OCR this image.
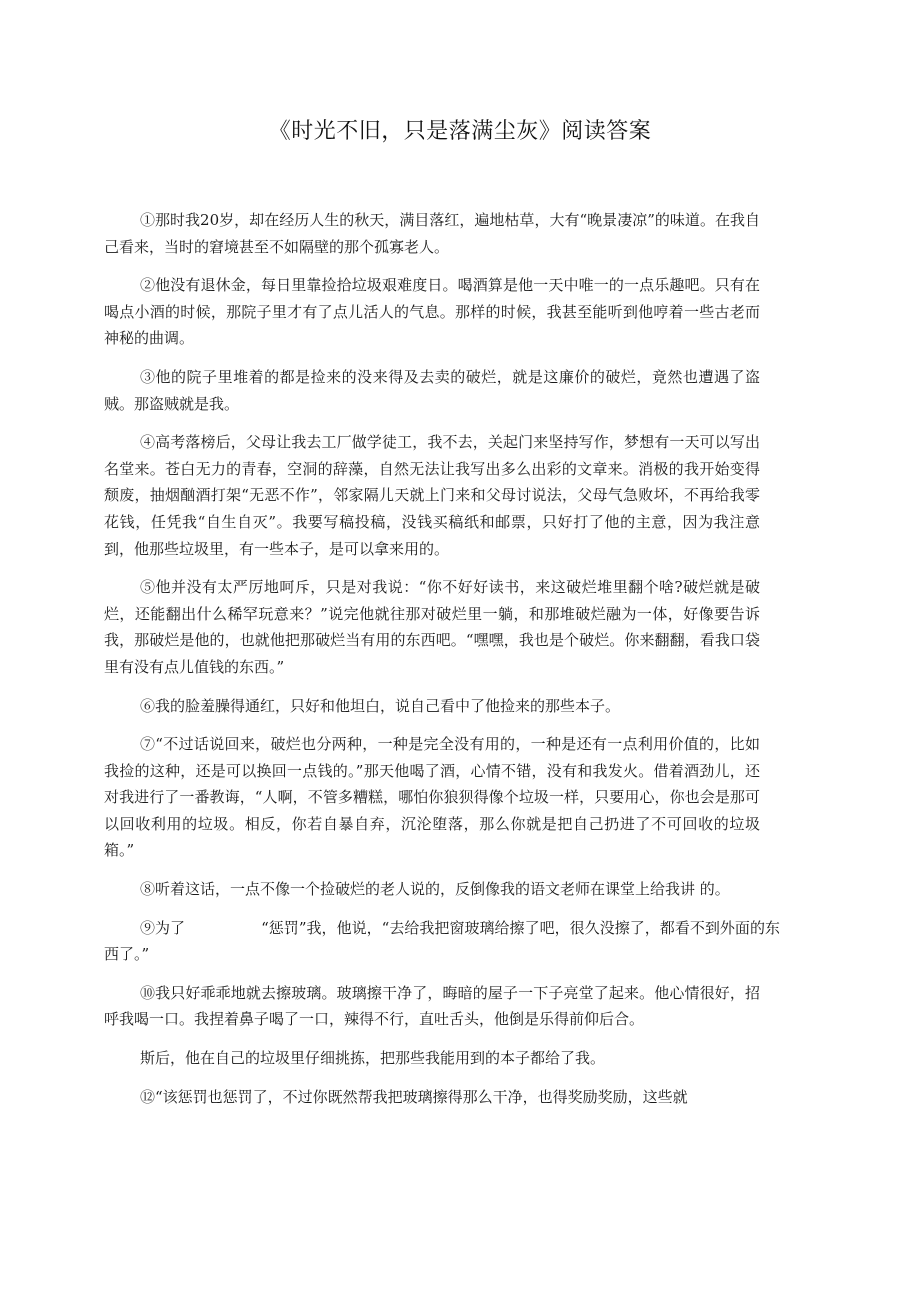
《时光不旧，只是落满尘灰》阅读答案

①那时我20岁，却在经历人生的秋天，满目落红，遍地枯草，大有“晚景凄凉”的味道。在我自己看来，当时的窘境甚至不如隔壁的那个孤寡老人。

②他没有退休金，每日里靠捡拾垃圾艰难度日。喝酒算是他一天中唯一的一点乐趣吧。只有在喝点小酒的时候，那院子里才有了点儿活人的气息。那样的时候，我甚至能听到他哼着一些古老而神秘的曲调。

③他的院子里堆着的都是捡来的没来得及去卖的破烂，就是这廉价的破烂，竟然也遭遇了盗贼。那盗贼就是我。

④高考落榜后，父母让我去工厂做学徒工，我不去，关起门来坚持写作，梦想有一天可以写出名堂来。苍白无力的青春，空洞的辞藻，自然无法让我写出多么出彩的文章来。消极的我开始变得颓废，抽烟酗酒打架“无恶不作”，邻家隔儿天就上门来和父母讨说法，父母气急败坏，不再给我零花钱，任凭我“自生自灭”。我要写稿投稿，没钱买稿纸和邮票，只好打了他的主意，因为我注意到，他那些垃圾里，有一些本子，是可以拿来用的。

⑤他并没有太严厉地呵斥，只是对我说：“你不好好读书，来这破烂堆里翻个啥?破烂就是破烂，还能翻出什么稀罕玩意来？”说完他就往那对破烂里一躺，和那堆破烂融为一体，好像要告诉我，那破烂是他的，也就他把那破烂当有用的东西吧。“嘿嘿，我也是个破烂。你来翻翻，看我口袋里有没有点儿值钱的东西。”

⑥我的脸羞臊得通红，只好和他坦白，说自己看中了他捡来的那些本子。

⑦“不过话说回来，破烂也分两种，一种是完全没有用的，一种是还有一点利用价值的，比如我捡的这种，还是可以换回一点钱的。”那天他喝了酒，心情不错，没有和我发火。借着酒劲儿，还对我进行了一番教诲，“人啊，不管多糟糕，哪怕你狼狈得像个垃圾一样，只要用心，你也会是那可以回收利用的垃圾。相反，你若自暴自弃，沉沦堕落，那么你就是把自己扔进了不可回收的垃圾箱。”

⑧听着这话，一点不像一个捡破烂的老人说的，反倒像我的语文老师在课堂上给我讲 的。

⑨为了	“惩罚”我，他说，“去给我把窗玻璃给擦了吧，很久没擦了，都看不到外面的东西了。”

⑩我只好乖乖地就去擦玻璃。玻璃擦干净了，晦暗的屋子一下子亮堂了起来。他心情很好，招呼我喝一口。我捏着鼻子喝了一口，辣得不行，直吐舌头，他倒是乐得前仰后合。

斯后，他在自己的垃圾里仔细挑拣，把那些我能用到的本子都给了我。

⑫“该惩罚也惩罚了，不过你既然帮我把玻璃擦得那么干净，也得奖励奖励，这些就
